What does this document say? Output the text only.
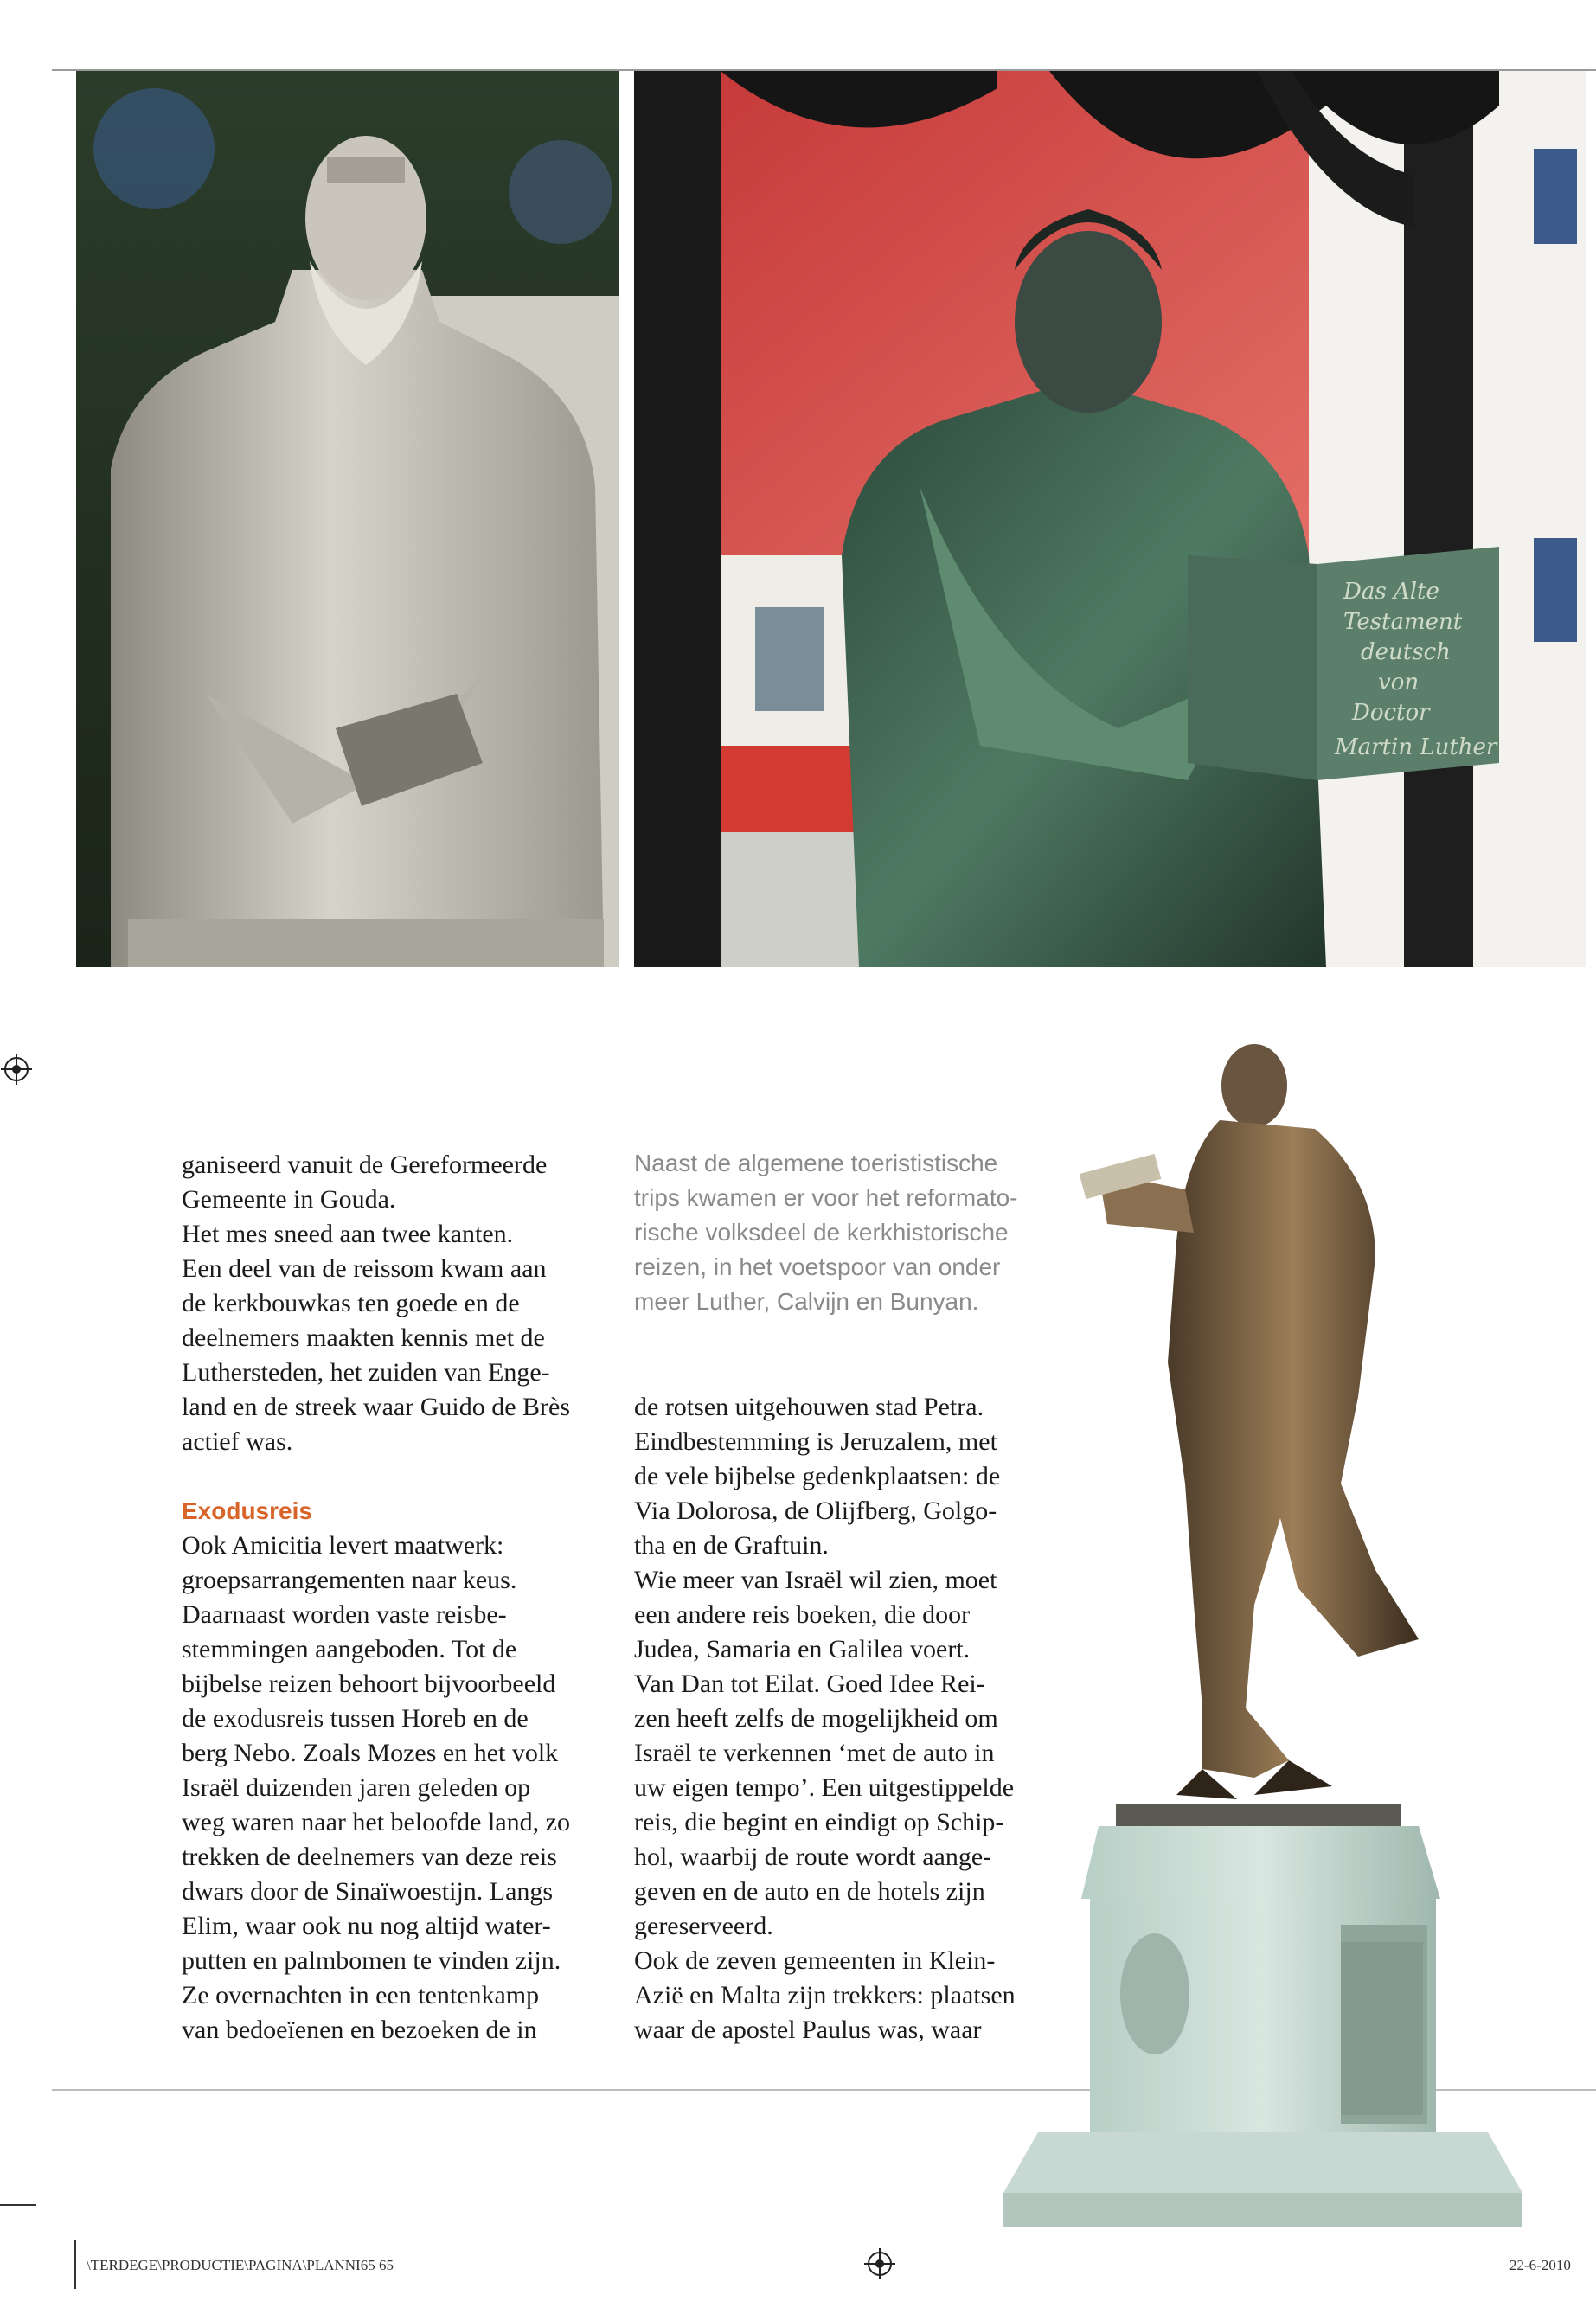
Das Alte
Testament
deutsch
von
Doctor
Martin Luther

Naast de algemene toerististische

trips kwamen er voor het reformato-

rische volksdeel de kerkhistorische

reizen, in het voetspoor van onder

meer Luther, Calvijn en Bunyan.

ganiseerd vanuit de Gereformeerde

Gemeente in Gouda.

Het mes sneed aan twee kanten.

Een deel van de reissom kwam aan

de kerkbouwkas ten goede en de

deelnemers maakten kennis met de

Luthersteden, het zuiden van Enge-

land en de streek waar Guido de Brès

actief was.

Exodusreis

Ook Amicitia levert maatwerk:

groepsarrangementen naar keus.

Daarnaast worden vaste reisbe-

stemmingen aangeboden. Tot de

bijbelse reizen behoort bijvoorbeeld

de exodusreis tussen Horeb en de

berg Nebo. Zoals Mozes en het volk

Israël duizenden jaren geleden op

weg waren naar het beloofde land, zo

trekken de deelnemers van deze reis

dwars door de Sinaïwoestijn. Langs

Elim, waar ook nu nog altijd water-

putten en palmbomen te vinden zijn.

Ze overnachten in een tentenkamp

van bedoeïenen en bezoeken de in

de rotsen uitgehouwen stad Petra.

Eindbestemming is Jeruzalem, met

de vele bijbelse gedenkplaatsen: de

Via Dolorosa, de Olijfberg, Golgo-

tha en de Graftuin.

Wie meer van Israël wil zien, moet

een andere reis boeken, die door

Judea, Samaria en Galilea voert.

Van Dan tot Eilat. Goed Idee Rei-

zen heeft zelfs de mogelijkheid om

Israël te verkennen ‘met de auto in

uw eigen tempo’. Een uitgestippelde

reis, die begint en eindigt op Schip-

hol, waarbij de route wordt aange-

geven en de auto en de hotels zijn

gereserveerd.

Ook de zeven gemeenten in Klein-

Azië en Malta zijn trekkers: plaatsen

waar de apostel Paulus was, waar

\TERDEGE\PRODUCTIE\PAGINA\PLANNI65 65	22-6-2010
